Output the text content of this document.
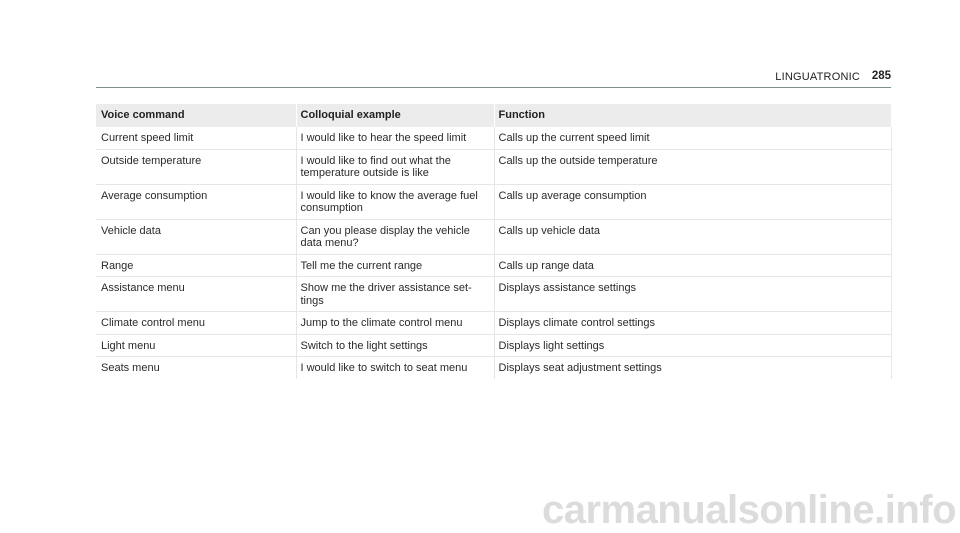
LINGUATRONIC 285
Voice command	Colloquial example	Function
Current speed limit	I would like to hear the speed limit	Calls up the current speed limit
Outside temperature	I would like to find out what the temperature outside is like	Calls up the outside temperature
Average consumption	I would like to know the average fuel consumption	Calls up average consumption
Vehicle data	Can you please display the vehicle data menu?	Calls up vehicle data
Range	Tell me the current range	Calls up range data
Assistance menu	Show me the driver assistance set- tings	Displays assistance settings
Climate control menu	Jump to the climate control menu	Displays climate control settings
Light menu	Switch to the light settings	Displays light settings
Seats menu	I would like to switch to seat menu	Displays seat adjustment settings
carmanualsonline.info
